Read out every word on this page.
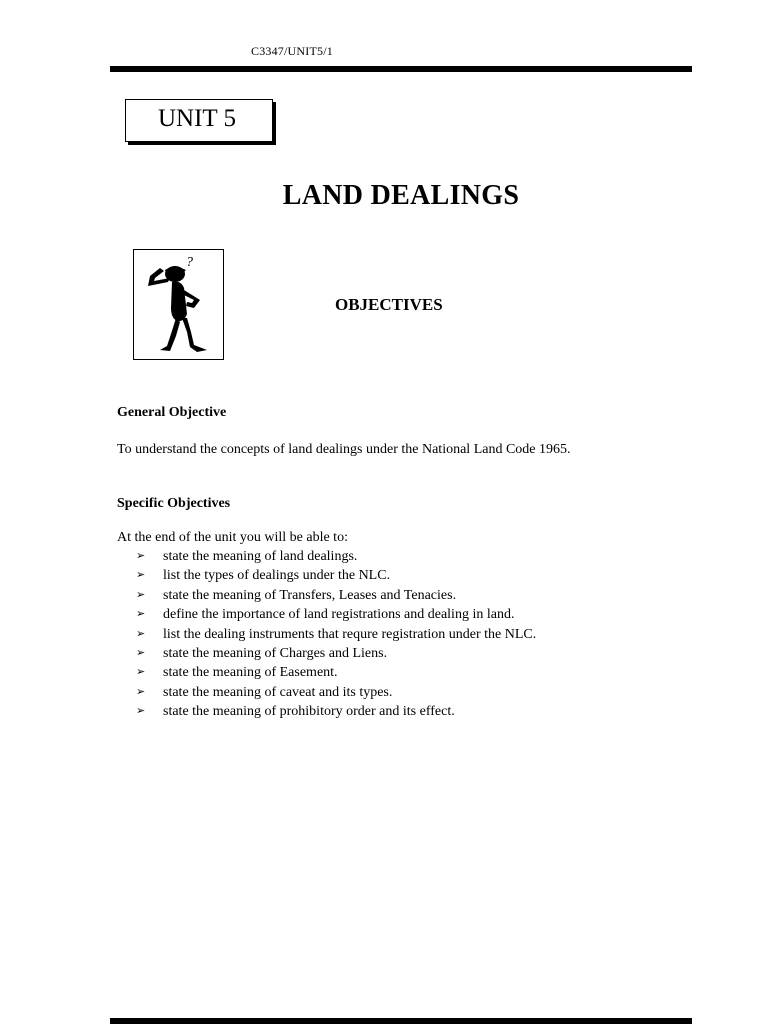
C3347/UNIT5/1
UNIT 5
LAND DEALINGS
?
OBJECTIVES
General Objective
To understand the concepts of land dealings under the National Land Code 1965.
Specific Objectives
At the end of the unit you will be able to:
➢ state the meaning of land dealings.
➢ list the types of dealings under the NLC.
➢ state the meaning of Transfers, Leases and Tenacies.
➢ define the importance of land registrations and dealing in land.
➢ list the dealing instruments that requre registration under the NLC.
➢ state the meaning of Charges and Liens.
➢ state the meaning of Easement.
➢ state the meaning of caveat and its types.
➢ state the meaning of prohibitory order and its effect.
